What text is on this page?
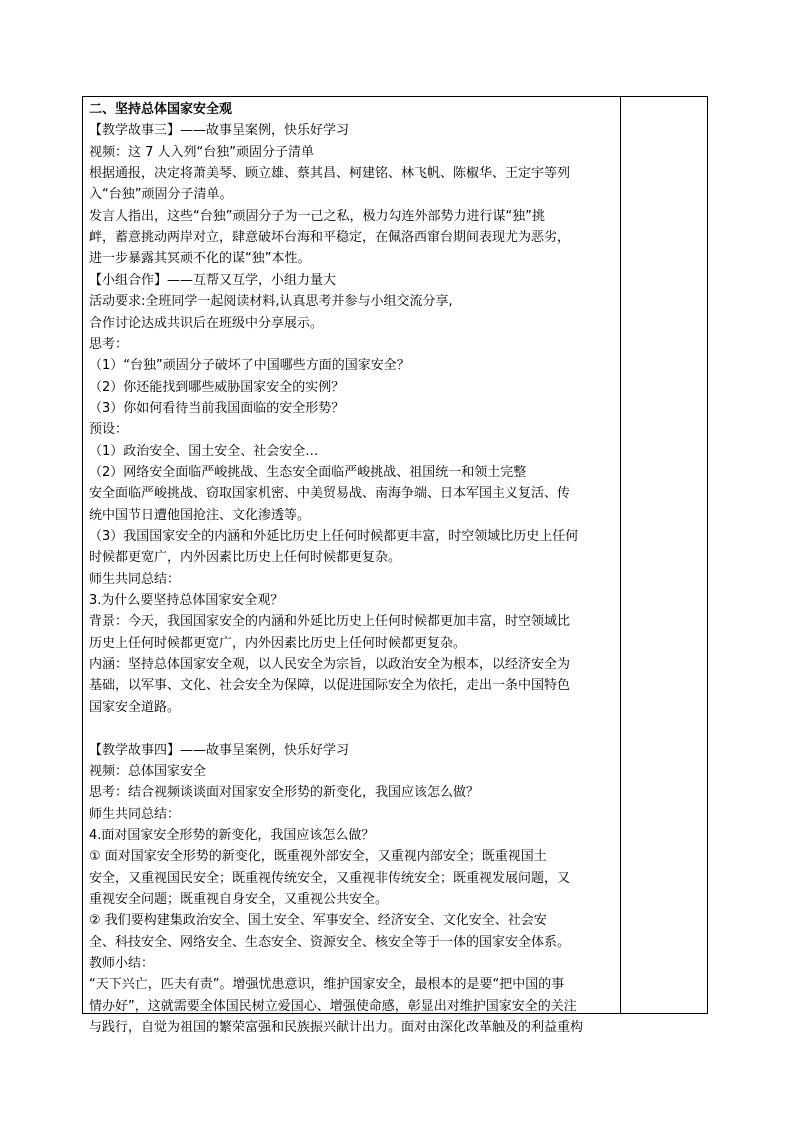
二、坚持总体国家安全观
【教学故事三】——故事呈案例，快乐好学习
视频：这 7 人入列“台独”顽固分子清单
根据通报，决定将萧美琴、顾立雄、蔡其昌、柯建铭、林飞帆、陈椒华、王定宇等列
入“台独”顽固分子清单。
发言人指出，这些“台独”顽固分子为一己之私，极力勾连外部势力进行谋“独”挑
衅，蓄意挑动两岸对立，肆意破坏台海和平稳定，在佩洛西窜台期间表现尤为恶劣，
进一步暴露其冥顽不化的谋“独”本性。
【小组合作】——互帮又互学，小组力量大
活动要求:全班同学一起阅读材料,认真思考并参与小组交流分享,
合作讨论达成共识后在班级中分享展示。
思考：
（1）“台独”顽固分子破坏了中国哪些方面的国家安全？
（2）你还能找到哪些威胁国家安全的实例？
（3）你如何看待当前我国面临的安全形势？
预设：
（1）政治安全、国土安全、社会安全…
（2）网络安全面临严峻挑战、生态安全面临严峻挑战、祖国统一和领土完整
安全面临严峻挑战、窃取国家机密、中美贸易战、南海争端、日本军国主义复活、传
统中国节日遭他国抢注、文化渗透等。
（3）我国国家安全的内涵和外延比历史上任何时候都更丰富，时空领域比历史上任何
时候都更宽广，内外因素比历史上任何时候都更复杂。
师生共同总结：
3.为什么要坚持总体国家安全观？
背景：今天，我国国家安全的内涵和外延比历史上任何时候都更加丰富，时空领域比
历史上任何时候都更宽广，内外因素比历史上任何时候都更复杂。
内涵：坚持总体国家安全观，以人民安全为宗旨，以政治安全为根本，以经济安全为
基础，以军事、文化、社会安全为保障，以促进国际安全为依托，走出一条中国特色
国家安全道路。
【教学故事四】——故事呈案例，快乐好学习
视频：总体国家安全
思考：结合视频谈谈面对国家安全形势的新变化，我国应该怎么做？
师生共同总结：
4.面对国家安全形势的新变化，我国应该怎么做？
① 面对国家安全形势的新变化，既重视外部安全，又重视内部安全；既重视国土
安全，又重视国民安全；既重视传统安全，又重视非传统安全；既重视发展问题，又
重视安全问题；既重视自身安全，又重视公共安全。
② 我们要构建集政治安全、国土安全、军事安全、经济安全、文化安全、社会安
全、科技安全、网络安全、生态安全、资源安全、核安全等于一体的国家安全体系。
教师小结：
“天下兴亡，匹夫有责”。增强忧患意识，维护国家安全，最根本的是要“把中国的事
情办好”，这就需要全体国民树立爱国心、增强使命感，彰显出对维护国家安全的关注
与践行，自觉为祖国的繁荣富强和民族振兴献计出力。面对由深化改革触及的利益重构
